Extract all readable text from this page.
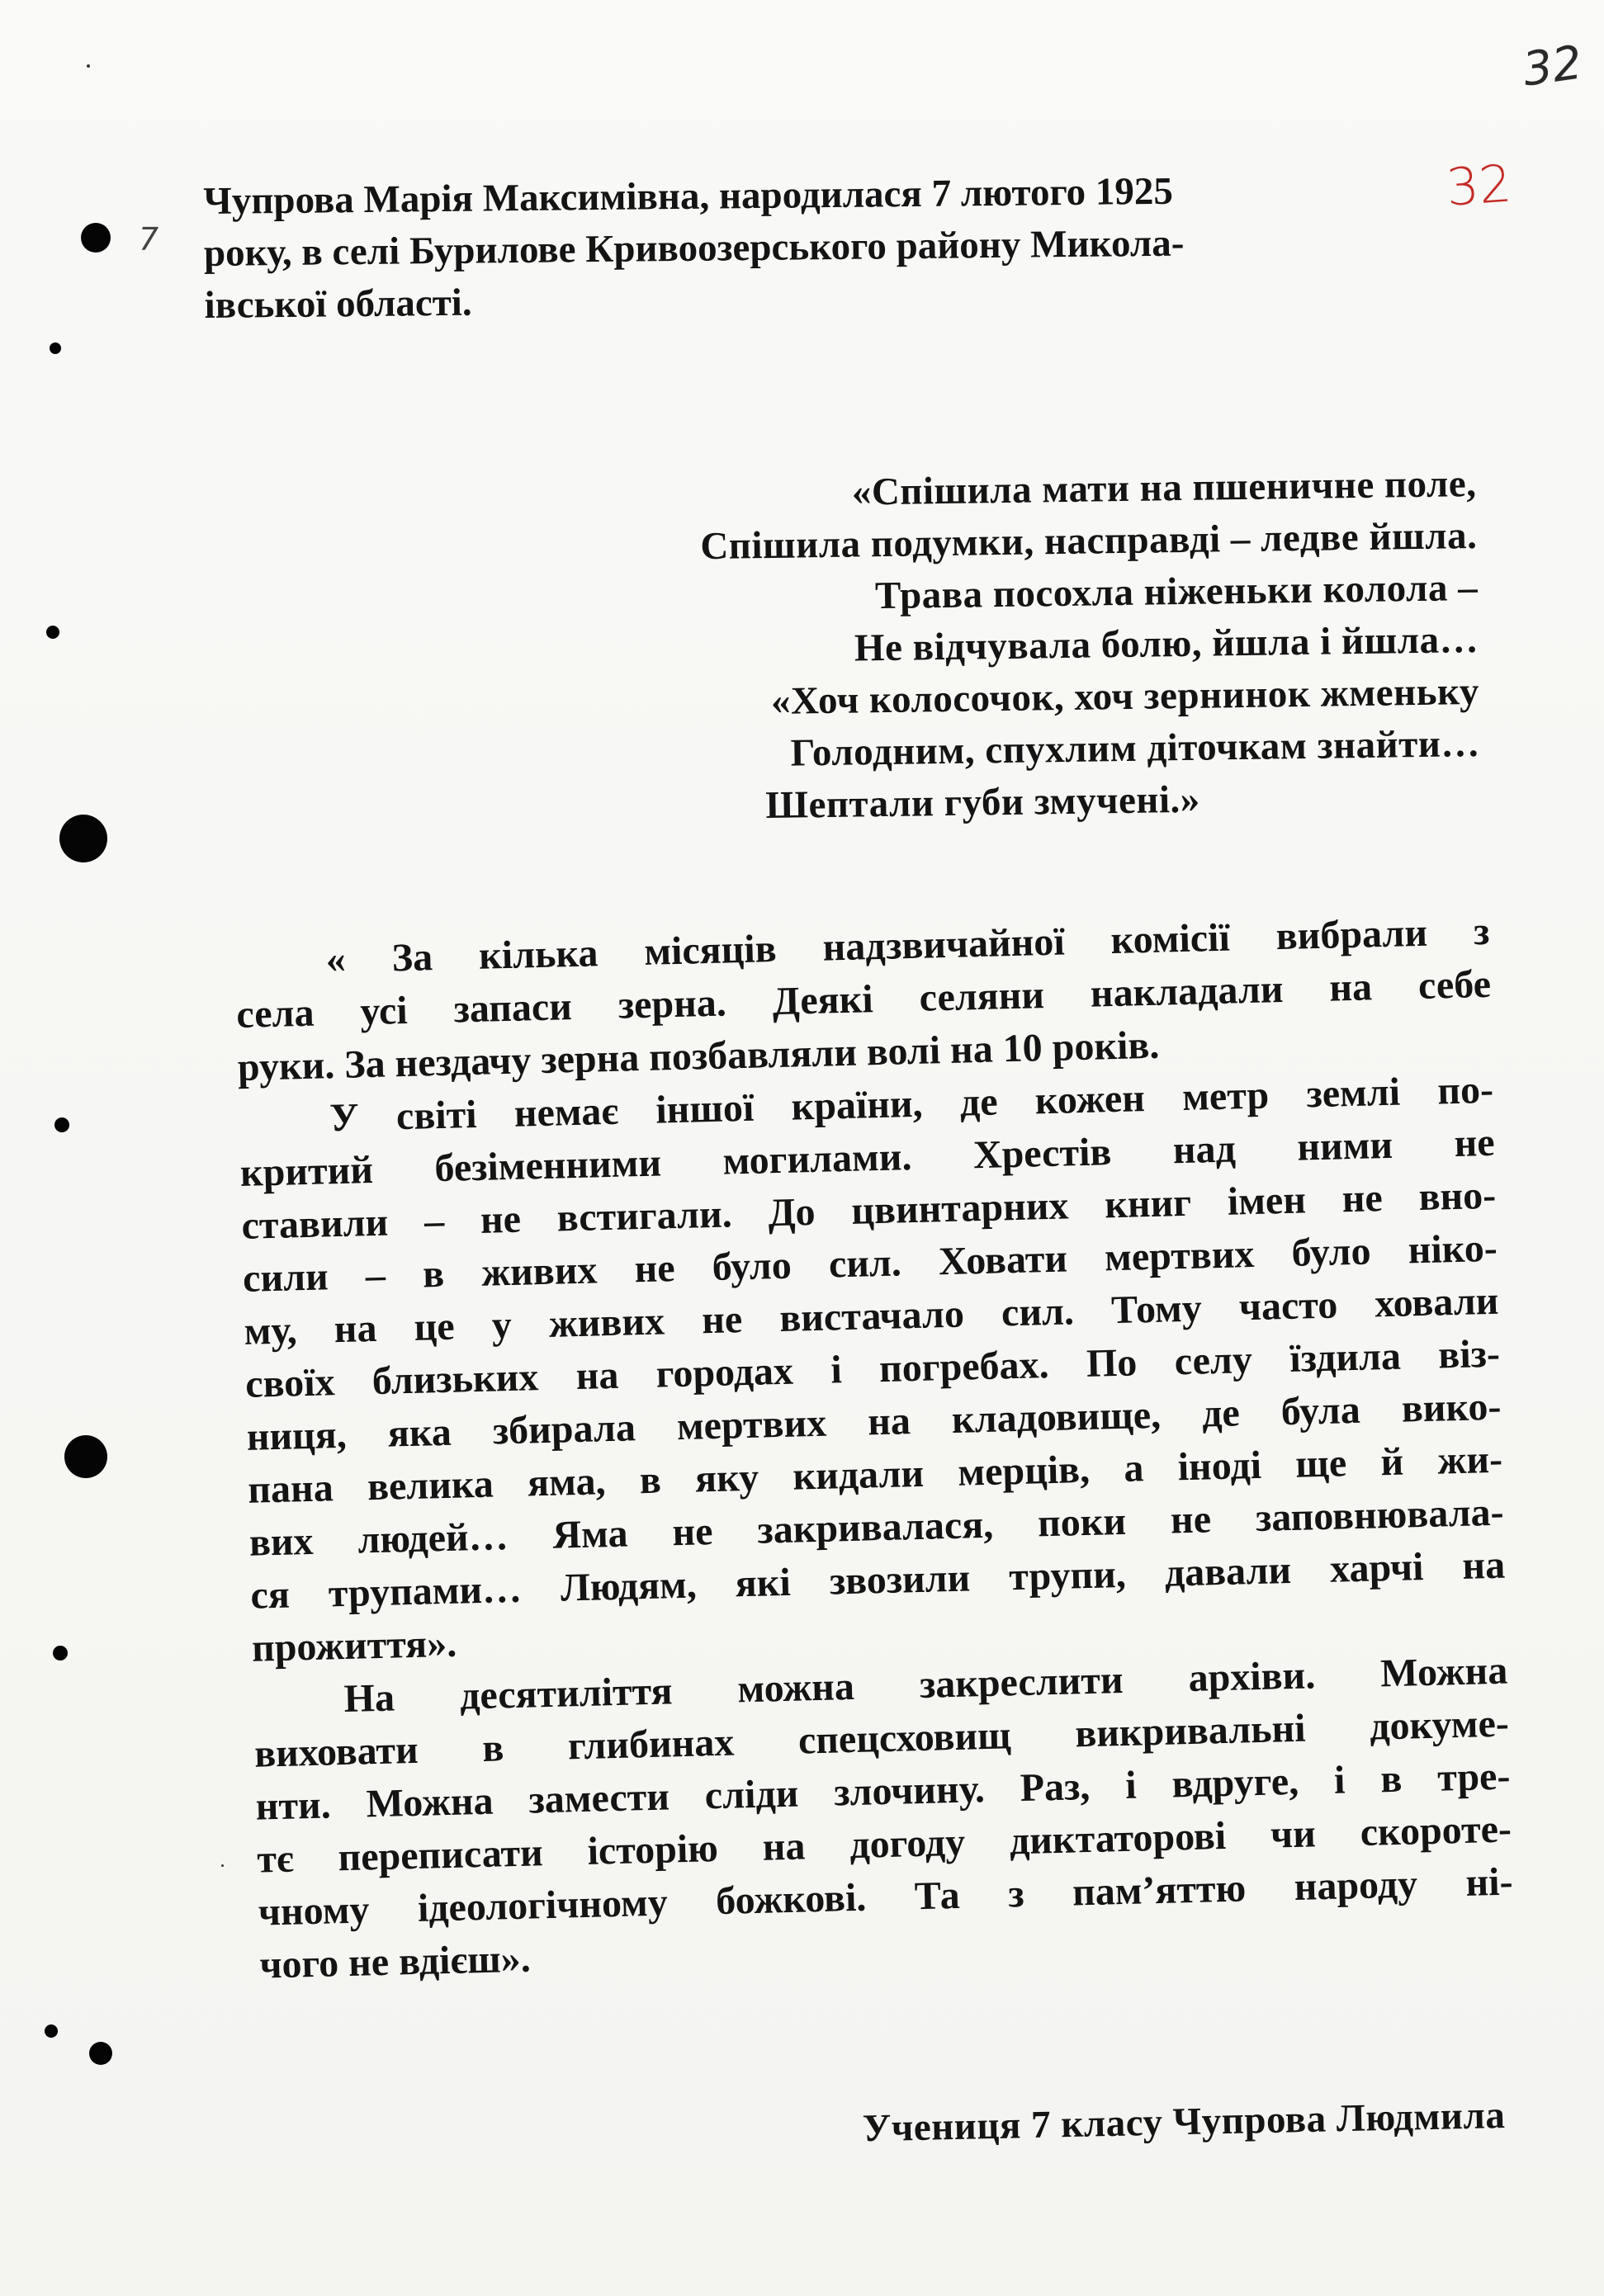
32
32
7
Чупрова Марія Максимівна, народилася 7 лютого 1925
року, в селі Бурилове Кривоозерського району Микола-
івської області.
«Спішила мати на пшеничне поле,
Спішила подумки, насправді – ледве йшла.
Трава посохла ніженьки колола –
Не відчувала болю, йшла і йшла…
«Хоч колосочок, хоч зернинок жменьку
Голодним, спухлим діточкам знайти…
Шептали губи змучені.»
« За кілька місяців надзвичайної комісії вибрали з
села усі запаси зерна. Деякі селяни накладали на себе
руки. За нездачу зерна позбавляли волі на 10 років.
У світі немає іншої країни, де кожен метр землі по-
критий безіменними могилами. Хрестів над ними не
ставили – не встигали. До цвинтарних книг імен не вно-
сили – в живих не було сил. Ховати мертвих було ніко-
му, на це у живих не вистачало сил. Тому часто ховали
своїх близьких на городах і погребах. По селу їздила віз-
ниця, яка збирала мертвих на кладовище, де була вико-
пана велика яма, в яку кидали мерців, а іноді ще й жи-
вих людей… Яма не закривалася, поки не заповнювала-
ся трупами… Людям, які звозили трупи, давали харчі на
прожиття».
На десятиліття можна закреслити архіви. Можна
виховати в глибинах спецсховищ викривальні докуме-
нти. Можна замести сліди злочину. Раз, і вдруге, і в тре-
тє переписати історію на догоду диктаторові чи скороте-
чному ідеологічному божкові. Та з пам’яттю народу ні-
чого не вдієш».
Учениця 7 класу Чупрова Людмила
